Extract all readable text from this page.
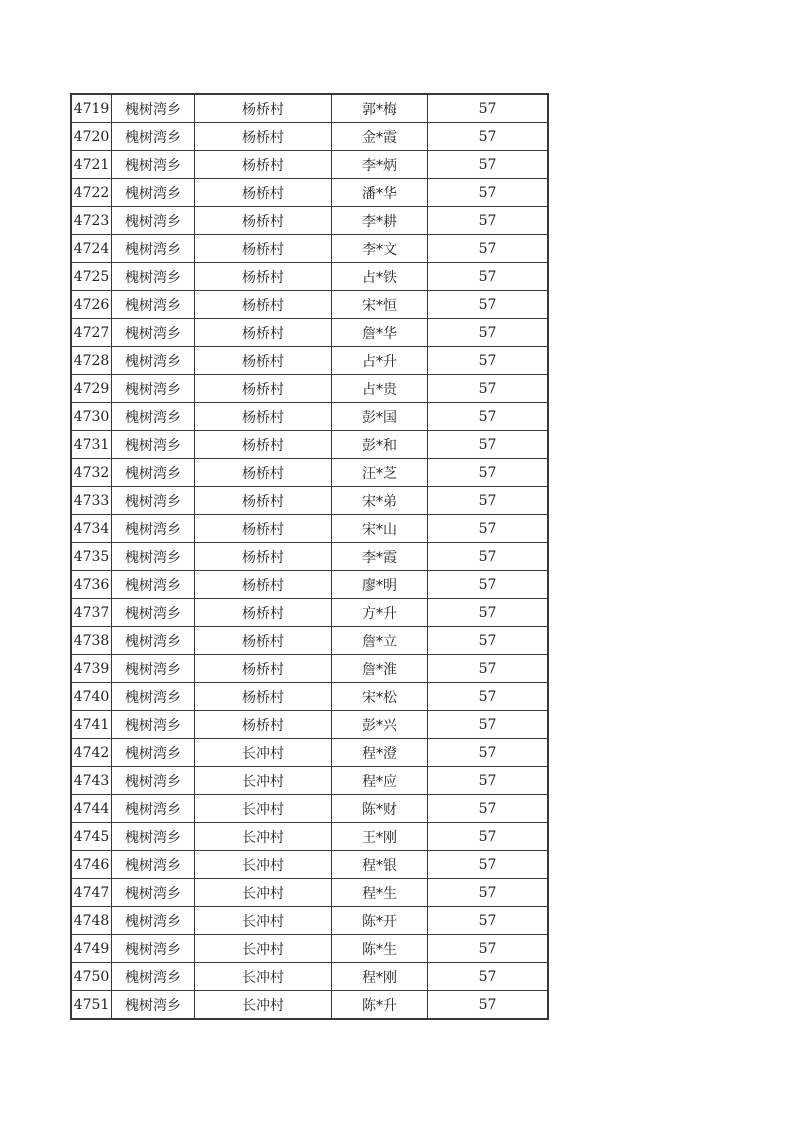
4719	槐树湾乡	杨桥村	郭*梅	57
4720	槐树湾乡	杨桥村	金*霞	57
4721	槐树湾乡	杨桥村	李*炳	57
4722	槐树湾乡	杨桥村	潘*华	57
4723	槐树湾乡	杨桥村	李*耕	57
4724	槐树湾乡	杨桥村	李*文	57
4725	槐树湾乡	杨桥村	占*铁	57
4726	槐树湾乡	杨桥村	宋*恒	57
4727	槐树湾乡	杨桥村	詹*华	57
4728	槐树湾乡	杨桥村	占*升	57
4729	槐树湾乡	杨桥村	占*贵	57
4730	槐树湾乡	杨桥村	彭*国	57
4731	槐树湾乡	杨桥村	彭*和	57
4732	槐树湾乡	杨桥村	汪*芝	57
4733	槐树湾乡	杨桥村	宋*弟	57
4734	槐树湾乡	杨桥村	宋*山	57
4735	槐树湾乡	杨桥村	李*霞	57
4736	槐树湾乡	杨桥村	廖*明	57
4737	槐树湾乡	杨桥村	方*升	57
4738	槐树湾乡	杨桥村	詹*立	57
4739	槐树湾乡	杨桥村	詹*淮	57
4740	槐树湾乡	杨桥村	宋*松	57
4741	槐树湾乡	杨桥村	彭*兴	57
4742	槐树湾乡	长冲村	程*澄	57
4743	槐树湾乡	长冲村	程*应	57
4744	槐树湾乡	长冲村	陈*财	57
4745	槐树湾乡	长冲村	王*刚	57
4746	槐树湾乡	长冲村	程*银	57
4747	槐树湾乡	长冲村	程*生	57
4748	槐树湾乡	长冲村	陈*开	57
4749	槐树湾乡	长冲村	陈*生	57
4750	槐树湾乡	长冲村	程*刚	57
4751	槐树湾乡	长冲村	陈*升	57
